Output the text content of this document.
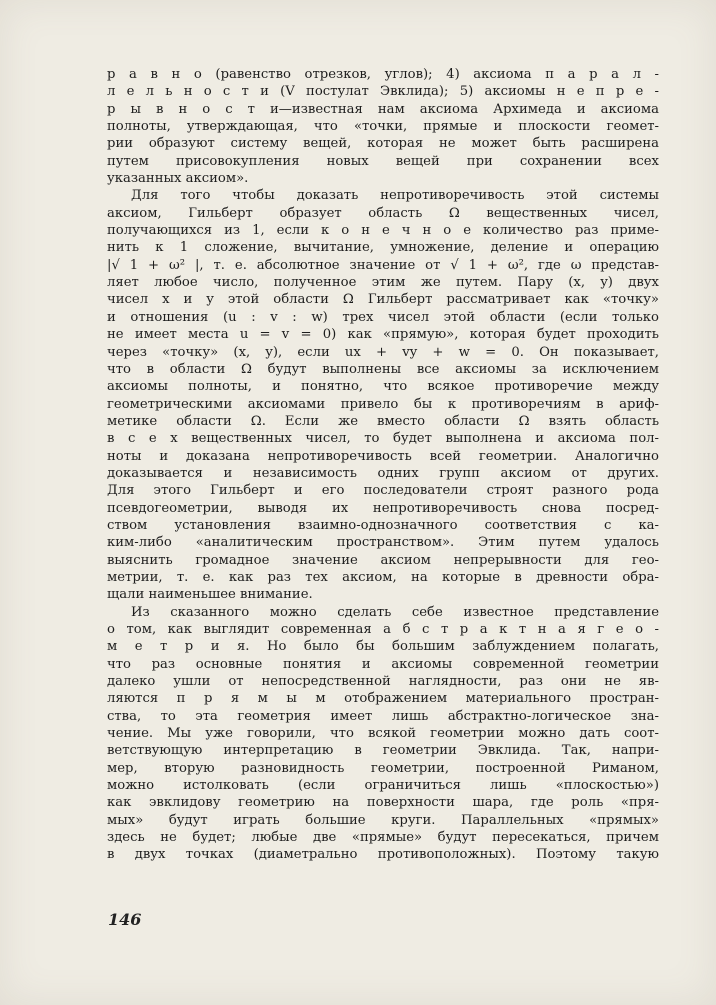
р а в н о (равенство отрезков, углов); 4) аксиома п а р а л -
л е л ь н о с т и (V постулат Эвклида); 5) аксиомы н е п р е -
р ы в н о с т и—известная нам аксиома Архимеда и аксиома
полноты, утверждающая, что «точки, прямые и плоскости геомет-
рии образуют систему вещей, которая не может быть расширена
путем присовокупления новых вещей при сохранении всех
указанных аксиом».
Для того чтобы доказать непротиворечивость этой системы
аксиом, Гильберт образует область Ω вещественных чисел,
получающихся из 1, если к о н е ч н о е количество раз приме-
нить к 1 сложение, вычитание, умножение, деление и операцию
|√ 1 + ω² |, т. е. абсолютное значение от √ 1 + ω², где ω представ-
ляет любое число, полученное этим же путем. Пару (x, y) двух
чисел x и y этой области Ω Гильберт рассматривает как «точку»
и отношения (u : v : w) трех чисел этой области (если только
не имеет места u = v = 0) как «прямую», которая будет проходить
через «точку» (x, y), если ux + vy + w = 0. Он показывает,
что в области Ω будут выполнены все аксиомы за исключением
аксиомы полноты, и понятно, что всякое противоречие между
геометрическими аксиомами привело бы к противоречиям в ариф-
метике области Ω. Если же вместо области Ω взять область
в с е х вещественных чисел, то будет выполнена и аксиома пол-
ноты и доказана непротиворечивость всей геометрии. Аналогично
доказывается и независимость одних групп аксиом от других.
Для этого Гильберт и его последователи строят разного рода
псевдогеометрии, выводя их непротиворечивость снова посред-
ством установления взаимно-однозначного соответствия с ка-
ким-либо «аналитическим пространством». Этим путем удалось
выяснить громадное значение аксиом непрерывности для гео-
метрии, т. е. как раз тех аксиом, на которые в древности обра-
щали наименьшее внимание.
Из сказанного можно сделать себе известное представление
о том, как выглядит современная а б с т р а к т н а я г е о -
м е т р и я. Но было бы большим заблуждением полагать,
что раз основные понятия и аксиомы современной геометрии
далеко ушли от непосредственной наглядности, раз они не яв-
ляются п р я м ы м отображением материального простран-
ства, то эта геометрия имеет лишь абстрактно-логическое зна-
чение. Мы уже говорили, что всякой геометрии можно дать соот-
ветствующую интерпретацию в геометрии Эвклида. Так, напри-
мер, вторую разновидность геометрии, построенной Риманом,
можно истолковать (если ограничиться лишь «плоскостью»)
как эвклидову геометрию на поверхности шара, где роль «пря-
мых» будут играть большие круги. Параллельных «прямых»
здесь не будет; любые две «прямые» будут пересекаться, причем
в двух точках (диаметрально противоположных). Поэтому такую
146
